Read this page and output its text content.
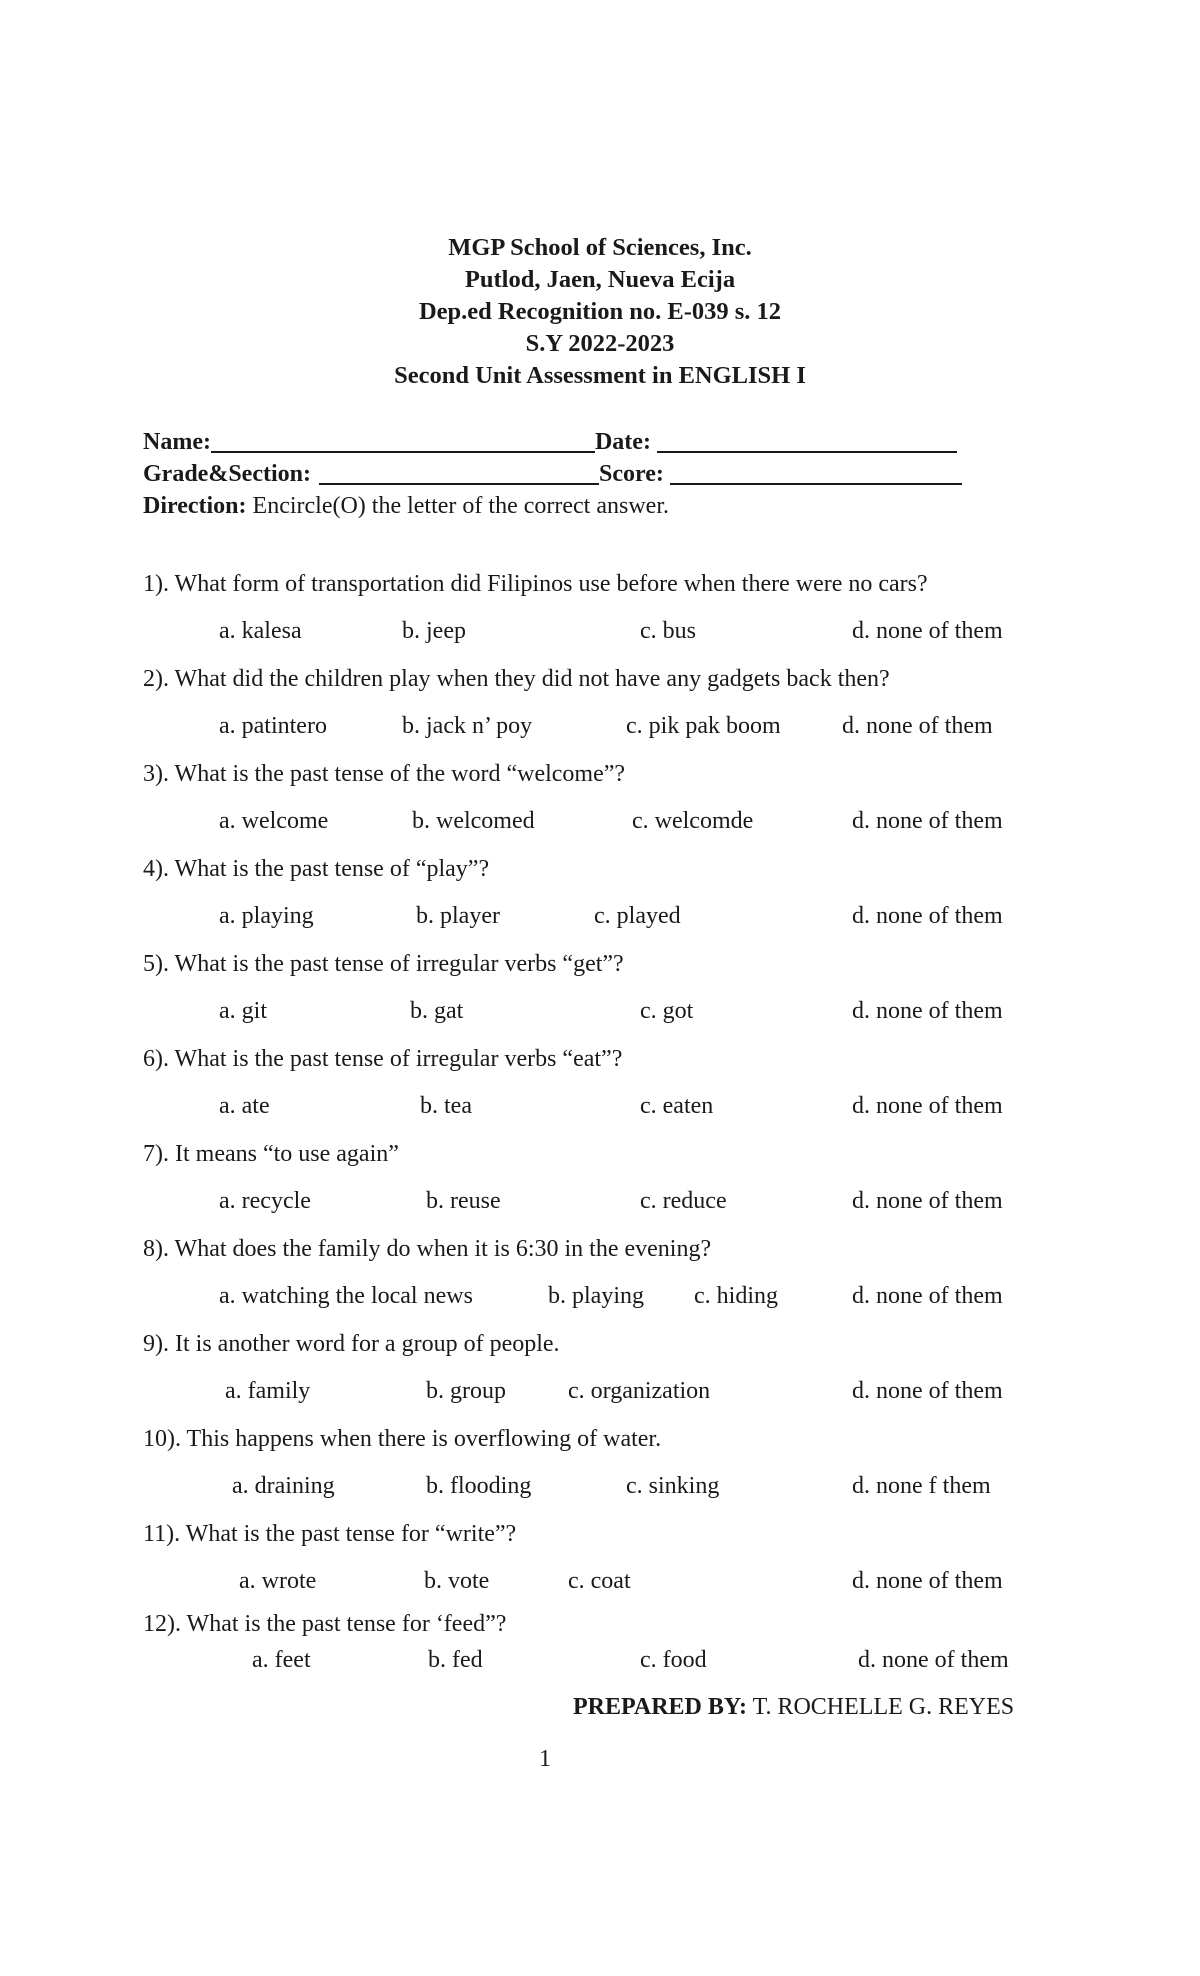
MGP School of Sciences, Inc.
Putlod, Jaen, Nueva Ecija
Dep.ed Recognition no. E-039 s. 12
S.Y 2022-2023
Second Unit Assessment in ENGLISH I
Name:	Date:
Grade&Section:	Score:
Direction: Encircle(O) the letter of the correct answer.
1). What form of transportation did Filipinos use before when there were no cars?
a. kalesa	b. jeep	c. bus	d. none of them
2). What did the children play when they did not have any gadgets back then?
a. patintero	b. jack n’ poy	c. pik pak boom	d. none of them
3). What is the past tense of the word “welcome”?
a. welcome	b. welcomed	c. welcomde	d. none of them
4). What is the past tense of “play”?
a. playing	b. player	c. played	d. none of them
5). What is the past tense of irregular verbs “get”?
a. git	b. gat	c. got	d. none of them
6). What is the past tense of irregular verbs “eat”?
a. ate	b. tea	c. eaten	d. none of them
7). It means “to use again”
a. recycle	b. reuse	c. reduce	d. none of them
8). What does the family do when it is 6:30 in the evening?
a. watching the local news	b. playing c. hiding	d. none of them
9). It is another word for a group of people.
a. family	b. group	c. organization	d. none of them
10). This happens when there is overflowing of water.
a. draining	b. flooding	c. sinking	d. none f them
11). What is the past tense for “write”?
a. wrote	b. vote	c. coat	d. none of them
12). What is the past tense for ‘feed”?
a. feet	b. fed	c. food	d. none of them
PREPARED BY: T. ROCHELLE G. REYES
1
